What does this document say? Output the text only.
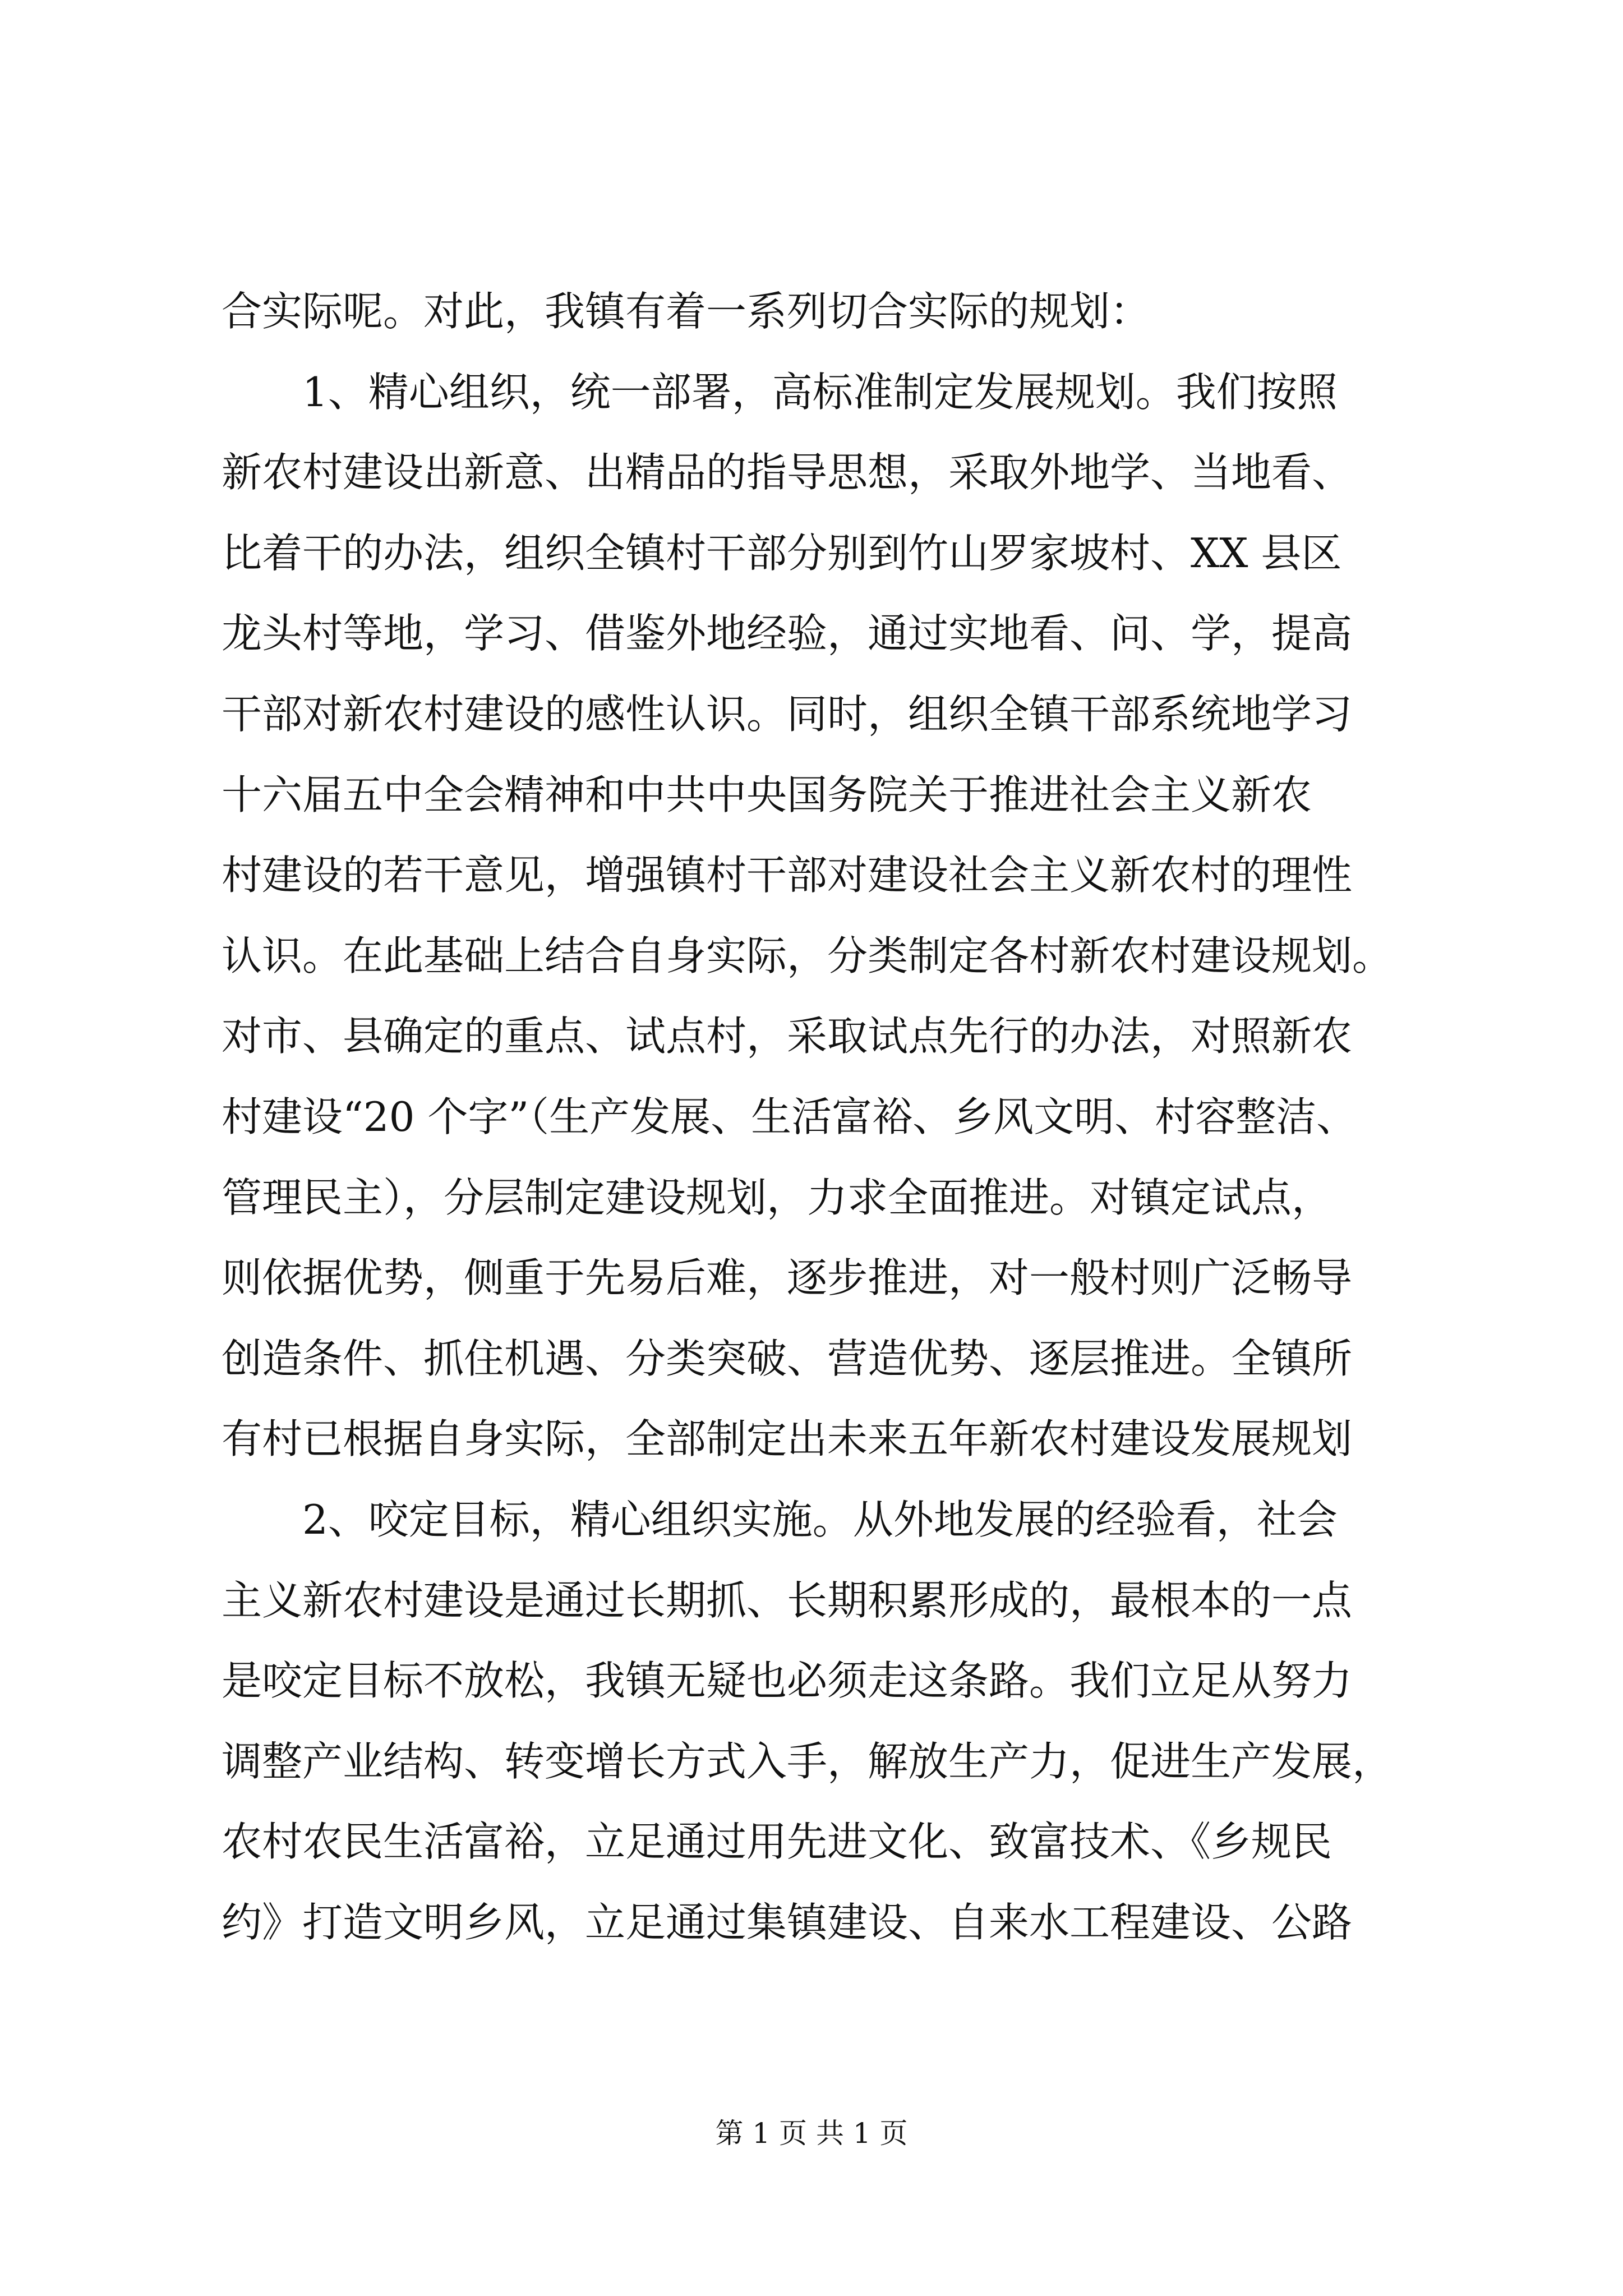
合实际呢。对此，我镇有着一系列切合实际的规划：
　　1、精心组织，统一部署，高标准制定发展规划。我们按照
新农村建设出新意、出精品的指导思想，采取外地学、当地看、
比着干的办法，组织全镇村干部分别到竹山罗家坡村、XX 县区
龙头村等地，学习、借鉴外地经验，通过实地看、问、学，提高
干部对新农村建设的感性认识。同时，组织全镇干部系统地学习
十六届五中全会精神和中共中央国务院关于推进社会主义新农
村建设的若干意见，增强镇村干部对建设社会主义新农村的理性
认识。在此基础上结合自身实际，分类制定各村新农村建设规划。
对市、县确定的重点、试点村，采取试点先行的办法，对照新农
村建设“20 个字”（生产发展、生活富裕、乡风文明、村容整洁、
管理民主），分层制定建设规划，力求全面推进。对镇定试点，
则依据优势，侧重于先易后难，逐步推进，对一般村则广泛畅导
创造条件、抓住机遇、分类突破、营造优势、逐层推进。全镇所
有村已根据自身实际，全部制定出未来五年新农村建设发展规划
　　2、咬定目标，精心组织实施。从外地发展的经验看，社会
主义新农村建设是通过长期抓、长期积累形成的，最根本的一点
是咬定目标不放松，我镇无疑也必须走这条路。我们立足从努力
调整产业结构、转变增长方式入手，解放生产力，促进生产发展，
农村农民生活富裕，立足通过用先进文化、致富技术、《乡规民
约》打造文明乡风，立足通过集镇建设、自来水工程建设、公路
第 1 页 共 1 页
